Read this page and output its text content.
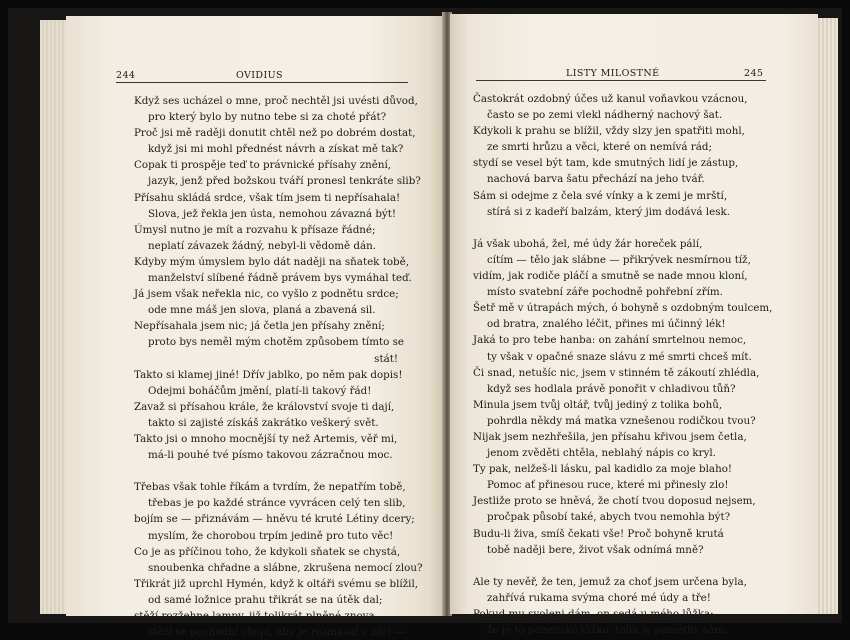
244	OVIDIUS
Když ses ucházel o mne, proč nechtěl jsi uvésti důvod,
pro který bylo by nutno tebe si za choté přát?
Proč jsi mě raději donutit chtěl než po dobrém dostat,
když jsi mi mohl přednést návrh a získat mě tak?
Copak ti prospěje teď to právnické přísahy znění,
jazyk, jenž před božskou tváří pronesl tenkráte slib?
Přísahu skládá srdce, však tím jsem ti nepřísahala!
Slova, jež řekla jen ústa, nemohou závazná být!
Úmysl nutno je mít a rozvahu k přísaze řádné;
neplatí závazek žádný, nebyl-li vědomě dán.
Kdyby mým úmyslem bylo dát naději na sňatek tobě,
manželství slíbené řádně právem bys vymáhal teď.
Já jsem však neřekla nic, co vyšlo z podnětu srdce;
ode mne máš jen slova, planá a zbavená sil.
Nepřísahala jsem nic; já četla jen přísahy znění;
proto bys neměl mým chotěm způsobem tímto se
stát!
Takto si klamej jiné! Dřív jablko, po něm pak dopis!
Odejmi boháčům jmění, platí-li takový řád!
Zavaž si přísahou krále, že království svoje ti dají,
takto si zajisté získáš zakrátko veškerý svět.
Takto jsi o mnoho mocnější ty než Artemis, věř mi,
má-li pouhé tvé písmo takovou zázračnou moc.
Třebas však tohle říkám a tvrdím, že nepatřím tobě,
třebas je po každé stránce vyvrácen celý ten slib,
bojím se — přiznávám — hněvu té kruté Létiny dcery;
myslím, že chorobou trpím jedině pro tuto věc!
Co je as příčinou toho, že kdykoli sňatek se chystá,
snoubenka chřadne a slábne, zkrušena nemocí zlou?
Třikrát již uprchl Hymén, když k oltáři svému se blížil,
od samé ložnice prahu třikrát se na útěk dal;
stěží rozžehne lampy, již tolikrát plněné znova,
stěží se pochodní chopí, aby je rozmával v žár! —
LISTY MILOSTNÉ	245
Častokrát ozdobný účes už kanul voňavkou vzácnou,
často se po zemi vlekl nádherný nachový šat.
Kdykoli k prahu se blížil, vždy slzy jen spatřiti mohl,
ze smrti hrůzu a věci, které on nemívá rád;
stydí se vesel být tam, kde smutných lidí je zástup,
nachová barva šatu přechází na jeho tvář.
Sám si odejme z čela své vínky a k zemi je mrští,
stírá si z kadeří balzám, který jim dodává lesk.
Já však ubohá, žel, mé údy žár horeček pálí,
cítím — tělo jak slábne — přikrývek nesmírnou tíž,
vidím, jak rodiče pláčí a smutně se nade mnou kloní,
místo svatební záře pochodně pohřební zřím.
Šetř mě v útrapách mých, ó bohyně s ozdobným toulcem,
od bratra, znalého léčit, přines mi účinný lék!
Jaká to pro tebe hanba: on zahání smrtelnou nemoc,
ty však v opačné snaze slávu z mé smrti chceš mít.
Či snad, netušíc nic, jsem v stinném tě zákoutí zhlédla,
když ses hodlala právě ponořit v chladivou tůň?
Minula jsem tvůj oltář, tvůj jediný z tolika bohů,
pohrdla někdy má matka vznešenou rodičkou tvou?
Nijak jsem nezhřešila, jen přísahu křivou jsem četla,
jenom zvěděti chtěla, neblahý nápis co kryl.
Ty pak, nelžeš-li lásku, pal kadidlo za moje blaho!
Pomoc ať přinesou ruce, které mi přinesly zlo!
Jestliže proto se hněvá, že chotí tvou doposud nejsem,
pročpak působí také, abych tvou nemohla být?
Budu-li živa, smíš čekati vše! Proč bohyně krutá
tobě naději bere, život však odnímá mně?
Ale ty nevěř, že ten, jemuž za choť jsem určena byla,
zahřívá rukama svýma choré mé údy a tře!
Pokud mu svoleni dám, on sedá u mého lůžka;
že je to panenské lůžko, tolik je pamětliv sám.
